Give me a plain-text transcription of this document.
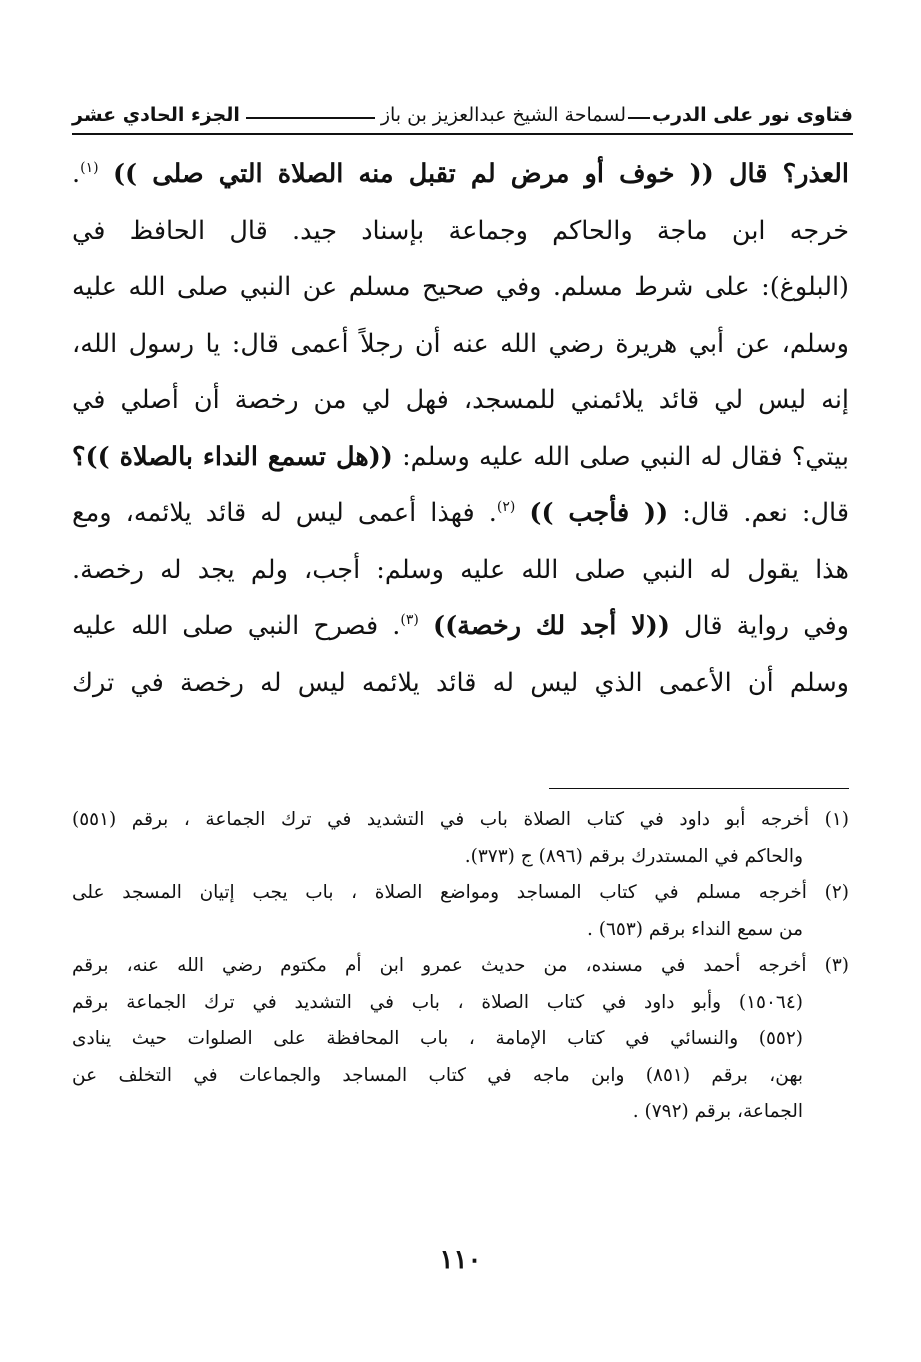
فتاوى نور على الدرب
لسماحة الشيخ عبدالعزيز بن باز
الجزء الحادي عشر
العذر؟ قال (( خوف أو مرض لم تقبل منه الصلاة التي صلى )) $^{(١)}$.
خرجه ابن ماجة والحاكم وجماعة بإسناد جيد. قال الحافظ في
(البلوغ): على شرط مسلم. وفي صحيح مسلم عن النبي صلى الله عليه
وسلم، عن أبي هريرة رضي الله عنه أن رجلاً أعمى قال: يا رسول الله،
إنه ليس لي قائد يلائمني للمسجد، فهل لي من رخصة أن أصلي في
بيتي؟ فقال له النبي صلى الله عليه وسلم: ((هل تسمع النداء بالصلاة ))؟
قال: نعم. قال: (( فأجب )) $^{(٢)}$. فهذا أعمى ليس له قائد يلائمه، ومع
هذا يقول له النبي صلى الله عليه وسلم: أجب، ولم يجد له رخصة.
وفي رواية قال ((لا أجد لك رخصة)) $^{(٣)}$. فصرح النبي صلى الله عليه
وسلم أن الأعمى الذي ليس له قائد يلائمه ليس له رخصة في ترك
(١) أخرجه أبو داود في كتاب الصلاة باب في التشديد في ترك الجماعة ، برقم (٥٥١)
والحاكم في المستدرك برقم (٨٩٦) ج (٣٧٣).
(٢) أخرجه مسلم في كتاب المساجد ومواضع الصلاة ، باب يجب إتيان المسجد على
من سمع النداء برقم (٦٥٣) .
(٣) أخرجه أحمد في مسنده، من حديث عمرو ابن أم مكتوم رضي الله عنه، برقم
(١٥٠٦٤) وأبو داود في كتاب الصلاة ، باب في التشديد في ترك الجماعة برقم
(٥٥٢) والنسائي في كتاب الإمامة ، باب المحافظة على الصلوات حيث ينادى
بهن، برقم (٨٥١) وابن ماجه في كتاب المساجد والجماعات في التخلف عن
الجماعة، برقم (٧٩٢) .
١١٠
